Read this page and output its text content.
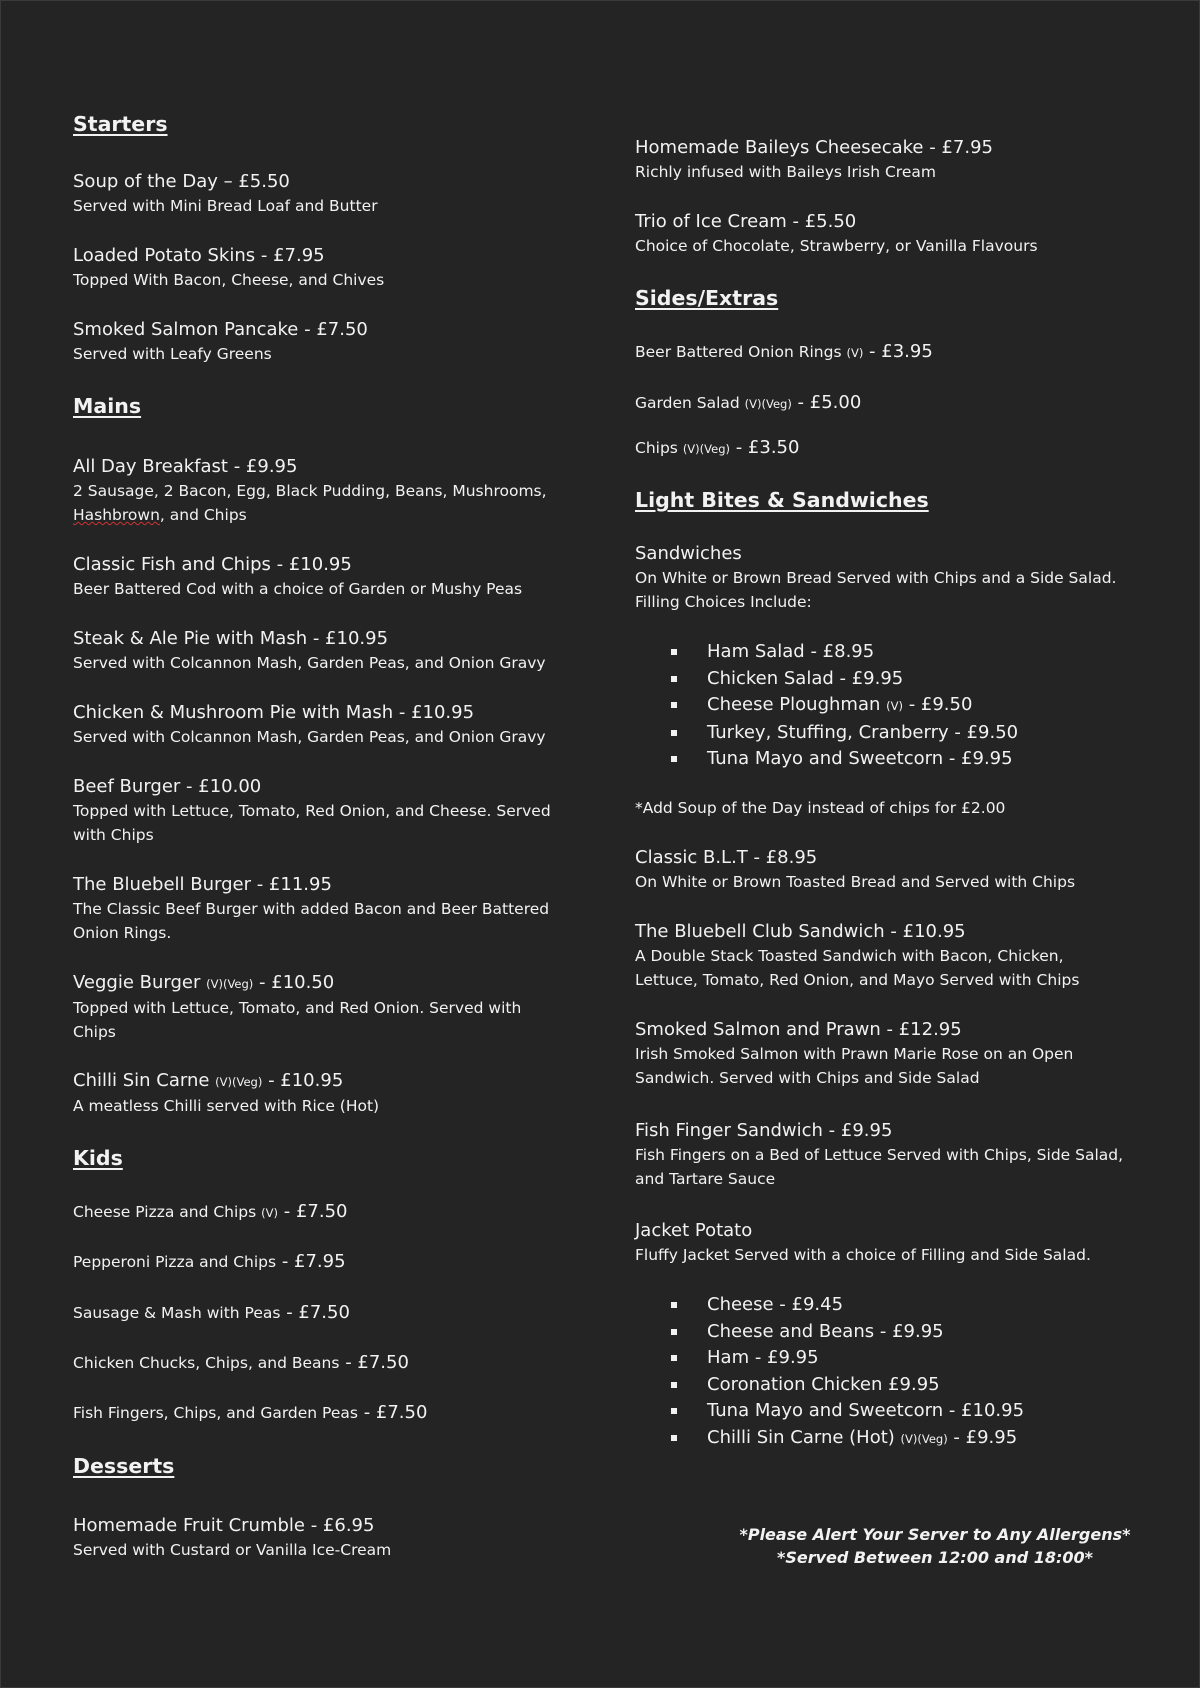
Starters
Soup of the Day – £5.50
Served with Mini Bread Loaf and Butter
Loaded Potato Skins - £7.95
Topped With Bacon, Cheese, and Chives
Smoked Salmon Pancake - £7.50
Served with Leafy Greens
Mains
All Day Breakfast - £9.95
2 Sausage, 2 Bacon, Egg, Black Pudding, Beans, Mushrooms,
Hashbrown, and Chips
Classic Fish and Chips - £10.95
Beer Battered Cod with a choice of Garden or Mushy Peas
Steak & Ale Pie with Mash - £10.95
Served with Colcannon Mash, Garden Peas, and Onion Gravy
Chicken & Mushroom Pie with Mash - £10.95
Served with Colcannon Mash, Garden Peas, and Onion Gravy
Beef Burger - £10.00
Topped with Lettuce, Tomato, Red Onion, and Cheese. Served with Chips
The Bluebell Burger - £11.95
The Classic Beef Burger with added Bacon and Beer Battered Onion Rings.
Veggie Burger (V)(Veg) - £10.50
Topped with Lettuce, Tomato, and Red Onion. Served with Chips
Chilli Sin Carne (V)(Veg) - £10.95
A meatless Chilli served with Rice (Hot)
Kids
Cheese Pizza and Chips (V) - £7.50
Pepperoni Pizza and Chips - £7.95
Sausage & Mash with Peas - £7.50
Chicken Chucks, Chips, and Beans - £7.50
Fish Fingers, Chips, and Garden Peas - £7.50
Desserts
Homemade Fruit Crumble - £6.95
Served with Custard or Vanilla Ice-Cream
Homemade Baileys Cheesecake - £7.95
Richly infused with Baileys Irish Cream
Trio of Ice Cream - £5.50
Choice of Chocolate, Strawberry, or Vanilla Flavours
Sides/Extras
Beer Battered Onion Rings (V) - £3.95
Garden Salad (V)(Veg) - £5.00
Chips (V)(Veg) - £3.50
Light Bites & Sandwiches
Sandwiches
On White or Brown Bread Served with Chips and a Side Salad. Filling Choices Include:
Ham Salad - £8.95
Chicken Salad - £9.95
Cheese Ploughman (V) - £9.50
Turkey, Stuffing, Cranberry - £9.50
Tuna Mayo and Sweetcorn - £9.95
*Add Soup of the Day instead of chips for £2.00
Classic B.L.T - £8.95
On White or Brown Toasted Bread and Served with Chips
The Bluebell Club Sandwich - £10.95
A Double Stack Toasted Sandwich with Bacon, Chicken, Lettuce, Tomato, Red Onion, and Mayo Served with Chips
Smoked Salmon and Prawn - £12.95
Irish Smoked Salmon with Prawn Marie Rose on an Open Sandwich. Served with Chips and Side Salad
Fish Finger Sandwich - £9.95
Fish Fingers on a Bed of Lettuce Served with Chips, Side Salad, and Tartare Sauce
Jacket Potato
Fluffy Jacket Served with a choice of Filling and Side Salad.
Cheese - £9.45
Cheese and Beans - £9.95
Ham - £9.95
Coronation Chicken £9.95
Tuna Mayo and Sweetcorn - £10.95
Chilli Sin Carne (Hot) (V)(Veg) - £9.95
*Please Alert Your Server to Any Allergens*
*Served Between 12:00 and 18:00*
